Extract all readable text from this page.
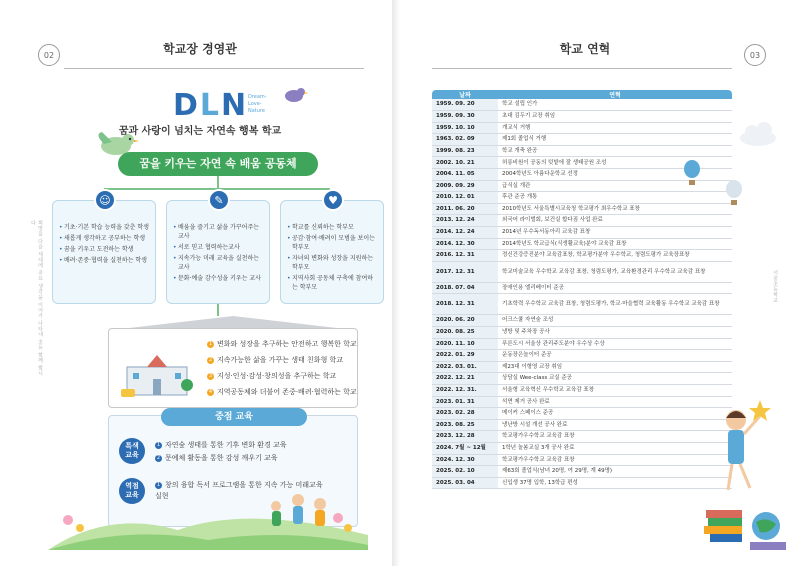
02	학교장 경영관
희망을 다음 세대에 중요 생각을 이어가 나타내 초등 함께 합니다
DLN Dream-
Love-
Nature
꿈과 사랑이 넘치는 자연속 행복 학교
꿈을 키우는 자연 속 배움 공동체
☺
• 기초·기본 학습 능력을 갖춘 학생
• 새롭게 생각하고 공부하는 학생
• 꿈을 키우고 도전하는 학생
• 배려·존중·협력을 실천하는 학생
✎
• 배움을 즐기고 삶을 가꾸어주는 교사
• 서로 믿고 협력하는교사
• 지속가능 미래 교육을 실천하는 교사
• 문화·예술 감수성을 키우는 교사
♥
• 학교를 신뢰하는 학부모
• 공감·참여·배려이 모범을 보이는 학부모
• 자녀의 변화와 성장을 지원하는 학부모
• 지역사회 공동체 구축에 참여하는 학부모
1 변화와 성장을 추구하는 안전하고 행복한 학교
2 지속가능한 삶을 가꾸는 생태 친화형 학교
3 지성·인성·감성·창의성을 추구하는 학교
4 지역공동체와 더불어 존중·배려·협력하는 학교
중점 교육
특색
교육
1 자연숲 생태를 통한 기후 변화 환경 교육
2 문예체 활동을 통한 감성 깨우기 교육
역점
교육
1 창의 융합 독서 프로그램을 통한 지속 가능 미래교육 실현
03
학교 연혁
서울초등학교
날짜	연혁
1959. 09. 20	학교 설립 인가
1959. 09. 30	초대 김두기 교장 취임
1959. 10. 10	개교식 거행
1963. 02. 09	제1회 졸업식 거행
1999. 08. 23	학교 개축 완공
2002. 10. 21	허릉비원이 공동의 텃밭에 잘 생태공원 조성
2004. 11. 05	2004학년도 아름다운학교 선정
2009. 09. 29	급식실 개관
2010. 12. 01	후관 준공 개통
2011. 06. 20	2010학년도 서울특별시교육청 학교평가 최우수학교 표창
2013. 12. 24	외국어 라이벌회, 보건실 합다짐 사업 완료
2014. 12. 24	2014년 우수독서동아리 교육감 표창
2014. 12. 30	2014학년도 학교급식(식생활교육)분야 교육감 표창
2016. 12. 31	정신건강증진분야 교육감표창, 학교평가분야 우수학교, 청렴도평가 교육장표창
2017. 12. 31	학교미술교육 우수학교 교육감 표창, 청렴도평가, 교육환경관리 우수학교 교육감 표창
2018. 07. 04	장애인용 엘리베이터 준공
2018. 12. 31	기초학력 우수학교 교육감 표창, 청렴도평가, 학교·마을협력 교육활동 우수학교 교육감 표창
2020. 06. 20	어크스쿨 자연숲 조성
2020. 08. 25	냉방 및 주차장 공사
2020. 11. 10	푸른도시 서울상 관리주도분야 우수상 수상
2022. 01. 29	운동장은놀이터 준공
2022. 03. 01.	제23대 이형영 교장 취임
2022. 12. 21	상담실 Wee-class 교실 준공
2022. 12. 31.	서울형 교육혁신 우수학교 교육감 표창
2023. 01. 31	석면 제거 공사 완료
2023. 02. 28	메이커 스페이스 준공
2023. 08. 25	냉난방 시설 개선 공사 완료
2023. 12. 28	학교평가우수학교 교육감 표창
2024. 7월 ~ 12월	1학년 놀봄교실 3개 공사 완료
2024. 12. 30	학교평가우수학교 교육감 표창
2025. 02. 10	제63회 졸업식(남녀 20명, 여 29명, 계 49명)
2025. 03. 04	신입생 37명 입학, 13학급 편성
